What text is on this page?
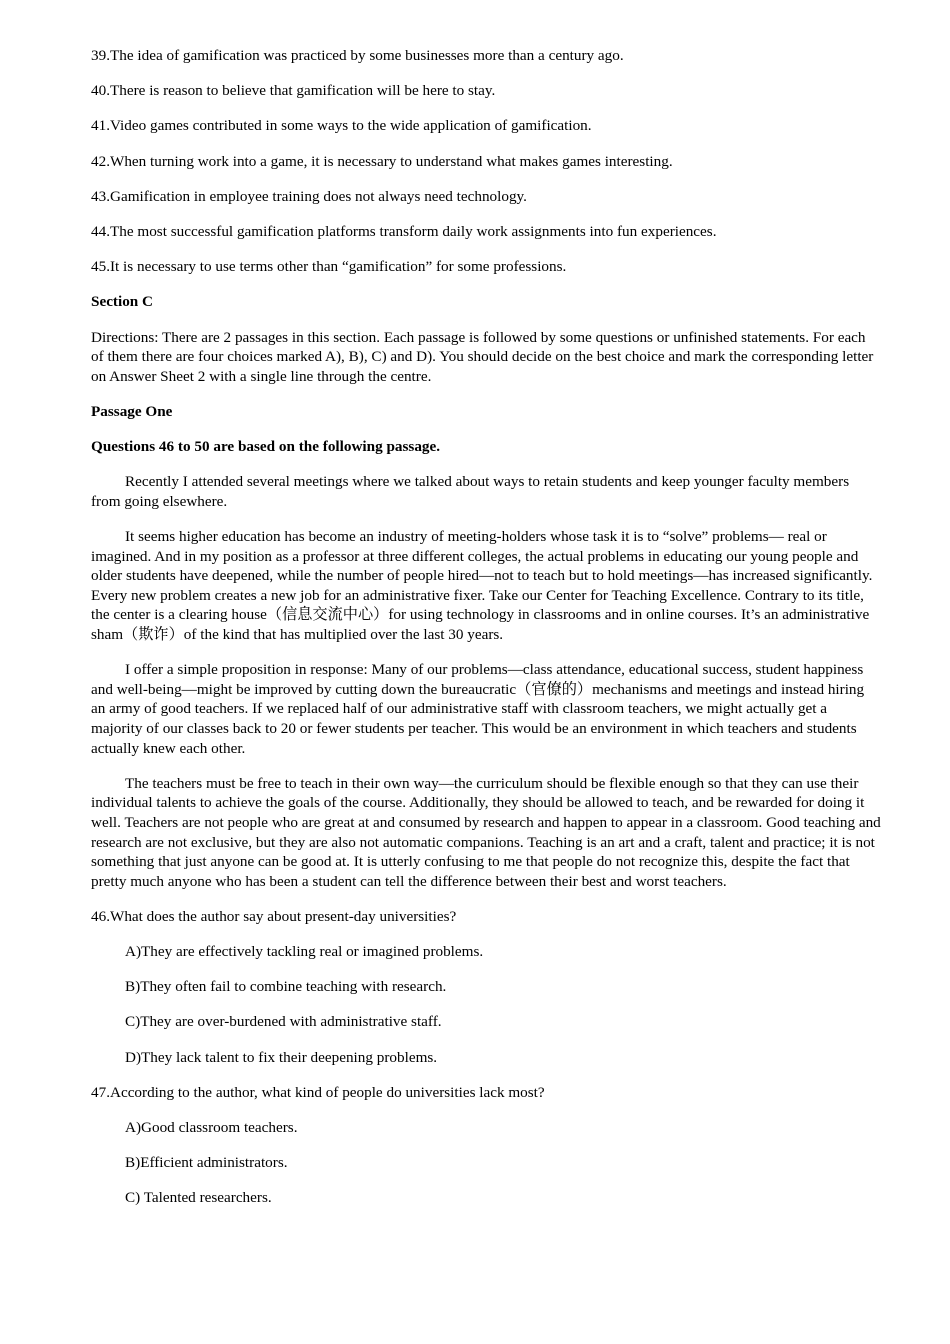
39.The idea of gamification was practiced by some businesses more than a century ago.

40.There is reason to believe that gamification will be here to stay.

41.Video games contributed in some ways to the wide application of gamification.

42.When turning work into a game, it is necessary to understand what makes games interesting.

43.Gamification in employee training does not always need technology.

44.The most successful gamification platforms transform daily work assignments into fun experiences.

45.It is necessary to use terms other than “gamification” for some professions.

Section C

Directions: There are 2 passages in this section. Each passage is followed by some questions or unfinished statements. For each of them there are four choices marked A), B), C) and D). You should decide on the best choice and mark the corresponding letter on Answer Sheet 2 with a single line through the centre.

Passage One

Questions 46 to 50 are based on the following passage.

Recently I attended several meetings where we talked about ways to retain students and keep younger faculty members from going elsewhere.

It seems higher education has become an industry of meeting-holders whose task it is to “solve” problems— real or imagined. And in my position as a professor at three different colleges, the actual problems in educating our young people and older students have deepened, while the number of people hired—not to teach but to hold meetings—has increased significantly. Every new problem creates a new job for an administrative fixer. Take our Center for Teaching Excellence. Contrary to its title, the center is a clearing house（信息交流中心）for using technology in classrooms and in online courses. It’s an administrative sham（欺诈）of the kind that has multiplied over the last 30 years.

I offer a simple proposition in response: Many of our problems—class attendance, educational success, student happiness and well-being—might be improved by cutting down the bureaucratic（官僚的）mechanisms and meetings and instead hiring an army of good teachers. If we replaced half of our administrative staff with classroom teachers, we might actually get a majority of our classes back to 20 or fewer students per teacher. This would be an environment in which teachers and students actually knew each other.

The teachers must be free to teach in their own way—the curriculum should be flexible enough so that they can use their individual talents to achieve the goals of the course. Additionally, they should be allowed to teach, and be rewarded for doing it well. Teachers are not people who are great at and consumed by research and happen to appear in a classroom. Good teaching and research are not exclusive, but they are also not automatic companions. Teaching is an art and a craft, talent and practice; it is not something that just anyone can be good at. It is utterly confusing to me that people do not recognize this, despite the fact that pretty much anyone who has been a student can tell the difference between their best and worst teachers.

46.What does the author say about present-day universities?

A)They are effectively tackling real or imagined problems.

B)They often fail to combine teaching with research.

C)They are over-burdened with administrative staff.

D)They lack talent to fix their deepening problems.

47.According to the author, what kind of people do universities lack most?

A)Good classroom teachers.

B)Efficient administrators.

C) Talented researchers.
